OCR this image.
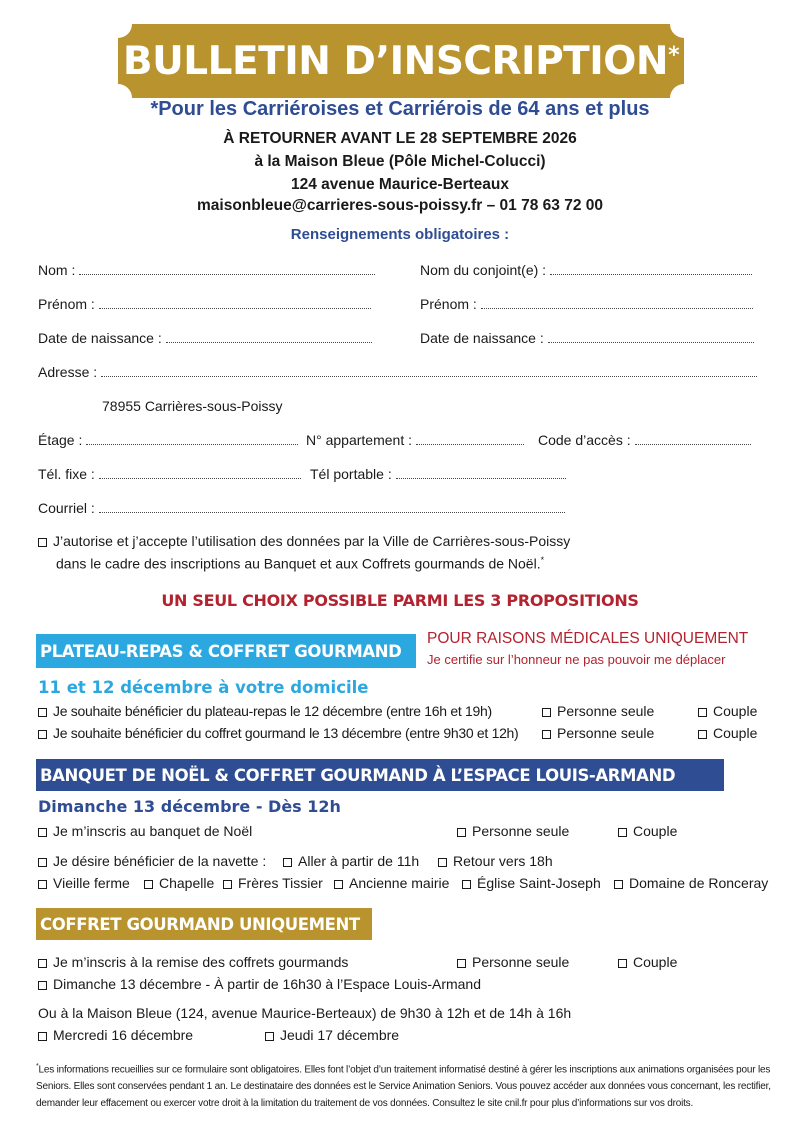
BULLETIN D’INSCRIPTION*
*Pour les Carriéroises et Carriérois de 64 ans et plus
À RETOURNER AVANT LE 28 SEPTEMBRE 2026
à la Maison Bleue (Pôle Michel-Colucci)
124 avenue Maurice-Berteaux
maisonbleue@carrieres-sous-poissy.fr – 01 78 63 72 00
Renseignements obligatoires :
Nom :	Nom du conjoint(e) :
Prénom :	Prénom :
Date de naissance :	Date de naissance :
Adresse :
78955 Carrières-sous-Poissy
Étage :	N° appartement :	Code d’accès :
Tél. fixe :	Tél portable :
Courriel :
J’autorise et j’accepte l’utilisation des données par la Ville de Carrières-sous-Poissy
dans le cadre des inscriptions au Banquet et aux Coffrets gourmands de Noël.*
UN SEUL CHOIX POSSIBLE PARMI LES 3 PROPOSITIONS
PLATEAU-REPAS & COFFRET GOURMAND
POUR RAISONS MÉDICALES UNIQUEMENT
Je certifie sur l’honneur ne pas pouvoir me déplacer
11 et 12 décembre à votre domicile
Je souhaite bénéficier du plateau-repas le 12 décembre (entre 16h et 19h)	Personne seule	Couple
Je souhaite bénéficier du coffret gourmand le 13 décembre (entre 9h30 et 12h)	Personne seule	Couple
BANQUET DE NOËL & COFFRET GOURMAND À L’ESPACE LOUIS-ARMAND
Dimanche 13 décembre - Dès 12h
Je m’inscris au banquet de Noël	Personne seule	Couple
Je désire bénéficier de la navette :	Aller à partir de 11h	Retour vers 18h
Vieille ferme	Chapelle	Frères Tissier	Ancienne mairie	Église Saint-Joseph	Domaine de Ronceray
COFFRET GOURMAND UNIQUEMENT
Je m’inscris à la remise des coffrets gourmands	Personne seule	Couple
Dimanche 13 décembre - À partir de 16h30 à l’Espace Louis-Armand
Ou à la Maison Bleue (124, avenue Maurice-Berteaux) de 9h30 à 12h et de 14h à 16h
Mercredi 16 décembre	Jeudi 17 décembre
*Les informations recueillies sur ce formulaire sont obligatoires. Elles font l’objet d’un traitement informatisé destiné à gérer les inscriptions aux animations organisées pour les Seniors. Elles sont conservées pendant 1 an. Le destinataire des données est le Service Animation Seniors. Vous pouvez accéder aux données vous concernant, les rectifier, demander leur effacement ou exercer votre droit à la limitation du traitement de vos données. Consultez le site cnil.fr pour plus d’informations sur vos droits.
